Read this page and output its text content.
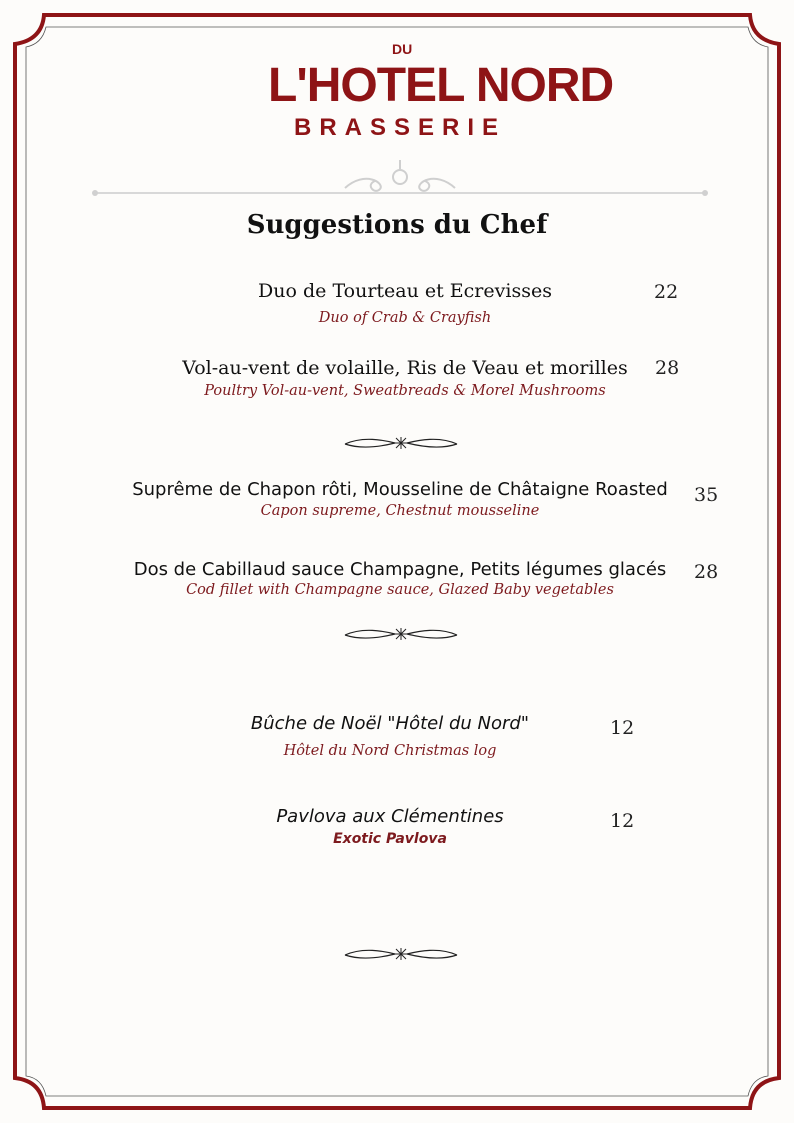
DU
L'HOTEL NORD
BRASSERIE
Suggestions du Chef
Duo de Tourteau et Ecrevisses	22
Duo of Crab & Crayfish
Vol-au-vent de volaille, Ris de Veau et morilles	28
Poultry Vol-au-vent, Sweatbreads & Morel Mushrooms
Suprême de Chapon rôti, Mousseline de Châtaigne Roasted	35
Capon supreme, Chestnut mousseline
Dos de Cabillaud sauce Champagne, Petits légumes glacés	28
Cod fillet with Champagne sauce, Glazed Baby vegetables
Bûche de Noël "Hôtel du Nord"	12
Hôtel du Nord Christmas log
Pavlova aux Clémentines	12
Exotic Pavlova
